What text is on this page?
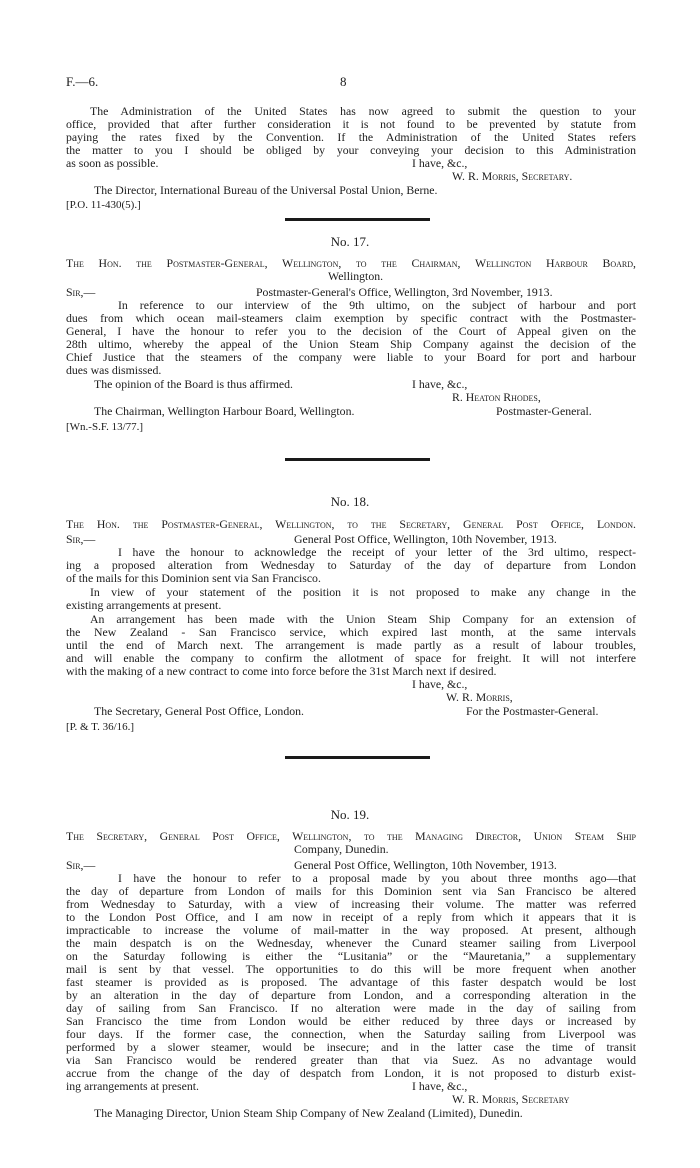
F.—6.	8
The Administration of the United States has now agreed to submit the question to your
office, provided that after further consideration it is not found to be prevented by statute from
paying the rates fixed by the Convention. If the Administration of the United States refers
the matter to you I should be obliged by your conveying your decision to this Administration
as soon as possible.	I have, &c.,
W. R. Morris, Secretary.
The Director, International Bureau of the Universal Postal Union, Berne.
[P.O. 11-430(5).]
No. 17.
The Hon. the Postmaster-General, Wellington, to the Chairman, Wellington Harbour Board,
Wellington.
Sir,—	Postmaster-General's Office, Wellington, 3rd November, 1913.
In reference to our interview of the 9th ultimo, on the subject of harbour and port
dues from which ocean mail-steamers claim exemption by specific contract with the Postmaster-
General, I have the honour to refer you to the decision of the Court of Appeal given on the
28th ultimo, whereby the appeal of the Union Steam Ship Company against the decision of the
Chief Justice that the steamers of the company were liable to your Board for port and harbour
dues was dismissed.
The opinion of the Board is thus affirmed.	I have, &c.,
R. Heaton Rhodes,
The Chairman, Wellington Harbour Board, Wellington.	Postmaster-General.
[Wn.-S.F. 13/77.]
No. 18.
The Hon. the Postmaster-General, Wellington, to the Secretary, General Post Office, London.
Sir,—	General Post Office, Wellington, 10th November, 1913.
I have the honour to acknowledge the receipt of your letter of the 3rd ultimo, respect-
ing a proposed alteration from Wednesday to Saturday of the day of departure from London
of the mails for this Dominion sent via San Francisco.
In view of your statement of the position it is not proposed to make any change in the
existing arrangements at present.
An arrangement has been made with the Union Steam Ship Company for an extension of
the New Zealand - San Francisco service, which expired last month, at the same intervals
until the end of March next. The arrangement is made partly as a result of labour troubles,
and will enable the company to confirm the allotment of space for freight. It will not interfere
with the making of a new contract to come into force before the 31st March next if desired.
I have, &c.,
W. R. Morris,
The Secretary, General Post Office, London.	For the Postmaster-General.
[P. & T. 36/16.]
No. 19.
The Secretary, General Post Office, Wellington, to the Managing Director, Union Steam Ship
Company, Dunedin.
Sir,—	General Post Office, Wellington, 10th November, 1913.
I have the honour to refer to a proposal made by you about three months ago—that
the day of departure from London of mails for this Dominion sent via San Francisco be altered
from Wednesday to Saturday, with a view of increasing their volume. The matter was referred
to the London Post Office, and I am now in receipt of a reply from which it appears that it is
impracticable to increase the volume of mail-matter in the way proposed. At present, although
the main despatch is on the Wednesday, whenever the Cunard steamer sailing from Liverpool
on the Saturday following is either the “Lusitania” or the “Mauretania,” a supplementary
mail is sent by that vessel. The opportunities to do this will be more frequent when another
fast steamer is provided as is proposed. The advantage of this faster despatch would be lost
by an alteration in the day of departure from London, and a corresponding alteration in the
day of sailing from San Francisco. If no alteration were made in the day of sailing from
San Francisco the time from London would be either reduced by three days or increased by
four days. If the former case, the connection, when the Saturday sailing from Liverpool was
performed by a slower steamer, would be insecure; and in the latter case the time of transit
via San Francisco would be rendered greater than that via Suez. As no advantage would
accrue from the change of the day of despatch from London, it is not proposed to disturb exist-
ing arrangements at present.	I have, &c.,
W. R. Morris, Secretary
The Managing Director, Union Steam Ship Company of New Zealand (Limited), Dunedin.
